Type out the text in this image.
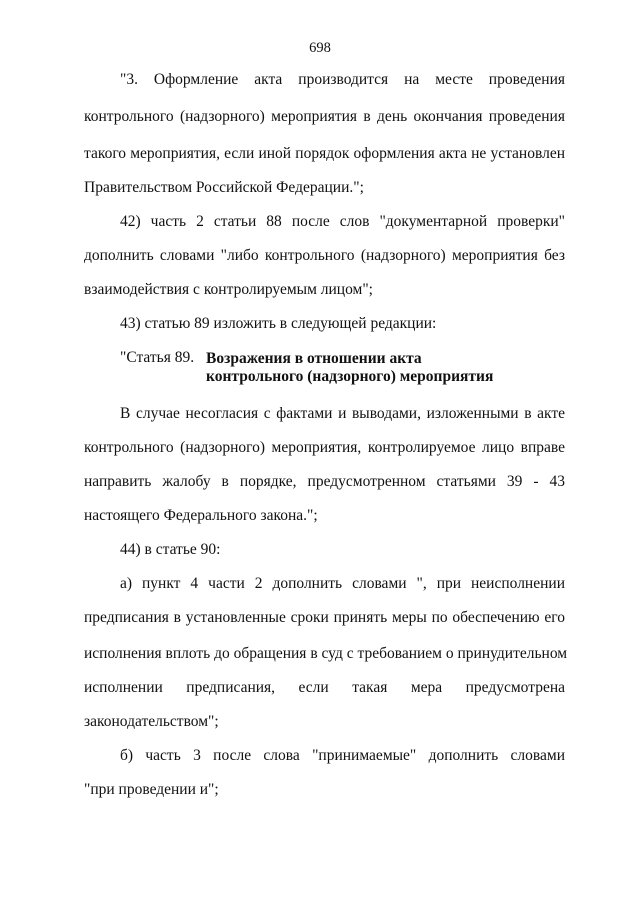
698
"3. Оформление акта производится на месте проведения
контрольного (надзорного) мероприятия в день окончания проведения
такого мероприятия, если иной порядок оформления акта не установлен
Правительством Российской Федерации.";
42) часть 2 статьи 88 после слов "документарной проверки"
дополнить словами "либо контрольного (надзорного) мероприятия без
взаимодействия с контролируемым лицом";
43) статью 89 изложить в следующей редакции:
"Статья 89. Возражения в отношении акта
контрольного (надзорного) мероприятия
В случае несогласия с фактами и выводами, изложенными в акте
контрольного (надзорного) мероприятия, контролируемое лицо вправе
направить жалобу в порядке, предусмотренном статьями 39 - 43
настоящего Федерального закона.";
44) в статье 90:
а) пункт 4 части 2 дополнить словами ", при неисполнении
предписания в установленные сроки принять меры по обеспечению его
исполнения вплоть до обращения в суд с требованием о принудительном
исполнении предписания, если такая мера предусмотрена
законодательством";
б) часть 3 после слова "принимаемые" дополнить словами
"при проведении и";
